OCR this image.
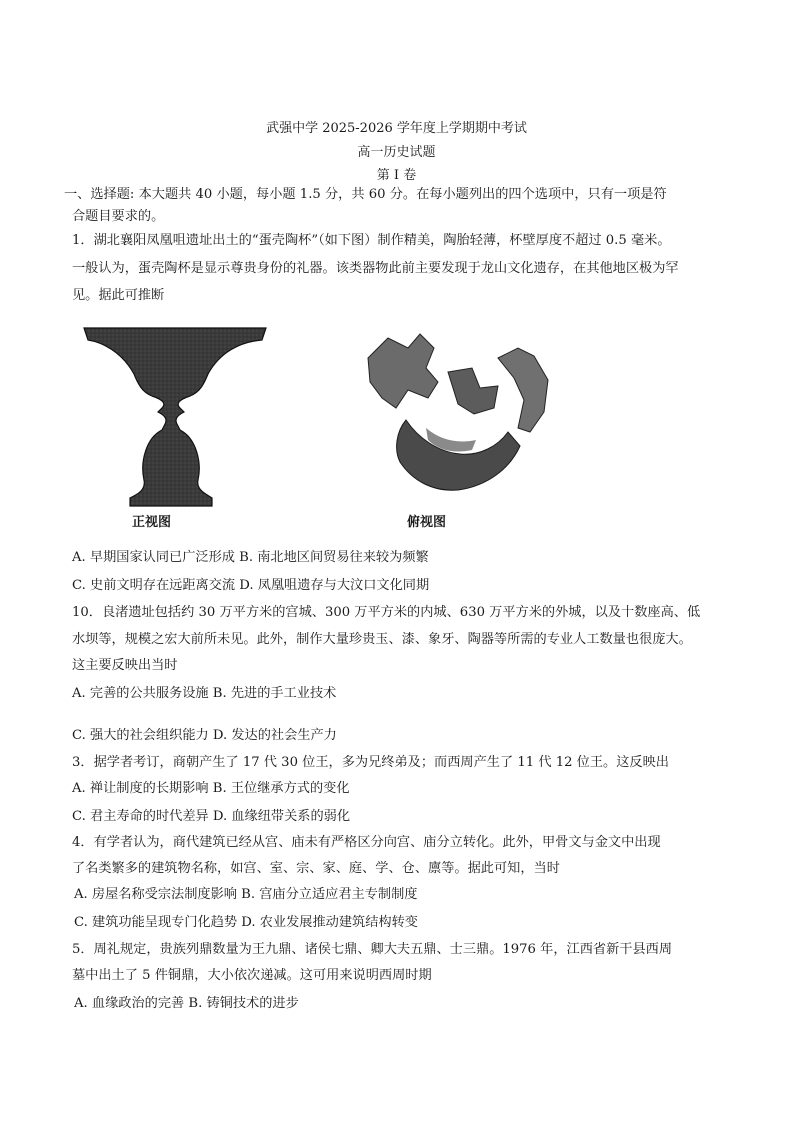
武强中学 2025-2026 学年度上学期期中考试
高一历史试题
第 I 卷
一、选择题: 本大题共 40 小题，每小题 1.5 分，共 60 分。在每小题列出的四个选项中，只有一项是符
合题目要求的。
1．湖北襄阳凤凰咀遗址出土的“蛋壳陶杯”（如下图）制作精美，陶胎轻薄，杯壁厚度不超过 0.5 毫米。
一般认为，蛋壳陶杯是显示尊贵身份的礼器。该类器物此前主要发现于龙山文化遗存，在其他地区极为罕
见。据此可推断
正视图	俯视图
A. 早期国家认同已广泛形成 B. 南北地区间贸易往来较为频繁
C. 史前文明存在远距离交流 D. 凤凰咀遗存与大汶口文化同期
10．良渚遗址包括约 30 万平方米的宫城、300 万平方米的内城、630 万平方米的外城，以及十数座高、低
水坝等，规模之宏大前所未见。此外，制作大量珍贵玉、漆、象牙、陶器等所需的专业人工数量也很庞大。
这主要反映出当时
A. 完善的公共服务设施 B. 先进的手工业技术
C. 强大的社会组织能力 D. 发达的社会生产力
3．据学者考订，商朝产生了 17 代 30 位王，多为兄终弟及；而西周产生了 11 代 12 位王。这反映出
A. 禅让制度的长期影响 B. 王位继承方式的变化
C. 君主寿命的时代差异 D. 血缘纽带关系的弱化
4．有学者认为，商代建筑已经从宫、庙未有严格区分向宫、庙分立转化。此外，甲骨文与金文中出现
了名类繁多的建筑物名称，如宫、室、宗、家、庭、学、仓、廪等。据此可知，当时
A. 房屋名称受宗法制度影响 B. 宫庙分立适应君主专制制度
C. 建筑功能呈现专门化趋势 D. 农业发展推动建筑结构转变
5．周礼规定，贵族列鼎数量为王九鼎、诸侯七鼎、卿大夫五鼎、士三鼎。1976 年，江西省新干县西周
墓中出土了 5 件铜鼎，大小依次递减。这可用来说明西周时期
A. 血缘政治的完善 B. 铸铜技术的进步
